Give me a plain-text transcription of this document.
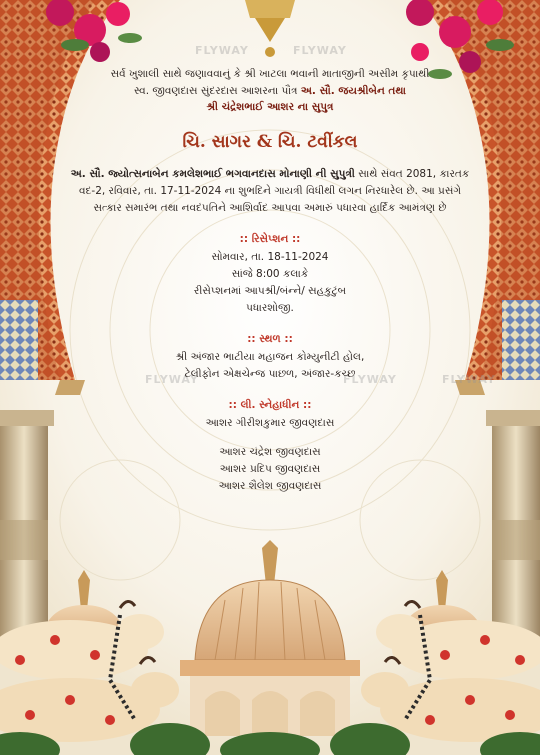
FLYWAY	FLYWAY
FLYWAY	FLYWAY	FLYWAY

સર્વ ખુશાલી સાથે જણાવવાનું કે શ્રી ખાટલા ભવાની માતાજીની અસીમ કૃપાથી

સ્વ. જીવણદાસ સુંદરદાસ આશરના પૌત્ર અ. સૌ. જયશ્રીબેન તથા

શ્રી ચંદ્રેશભાઈ આશર ના સુપુત્ર

ચિ. સાગર & ચિ. ટવીંકલ

અ. સૌ. જ્યોત્સનાબેન કમલેશભાઈ ભગવાનદાસ મોનાણી ની સુપુત્રી સાથે સંવત 2081, કારતક વદ-2, રવિવાર, તા. 17-11-2024 ના શુભદિને ગાયત્રી વિધીથી લગન નિરધારેલ છે. આ પ્રસંગે સત્કાર સમારંભ તથા નવદંપતિને આશિર્વાદ આપવા અમારું પધારવા હાર્દિક આમંત્રણ છે

:: રિસેપ્શન ::

સોમવાર, તા. 18-11-2024

સાંજે 8:00 કલાકે

રીસેપ્શનમાં આપશ્રી/બંન્ને/ સહકુટુંબ

પધારશોજી.

:: સ્થળ ::

શ્રી અંજાર ભાટીયા મહાજન કોમ્યુનીટી હોલ,

ટેલીફોન એક્ષચેન્જ પાછળ, અંજાર-કચ્છ

:: લી. સ્નેહાધીન ::

આશર ગીરીશકુમાર જીવણદાસ

આશર ચંદ્રેશ જીવણદાસ

આશર પ્રદિપ જીવણદાસ

આશર શૈલેશ જીવણદાસ
